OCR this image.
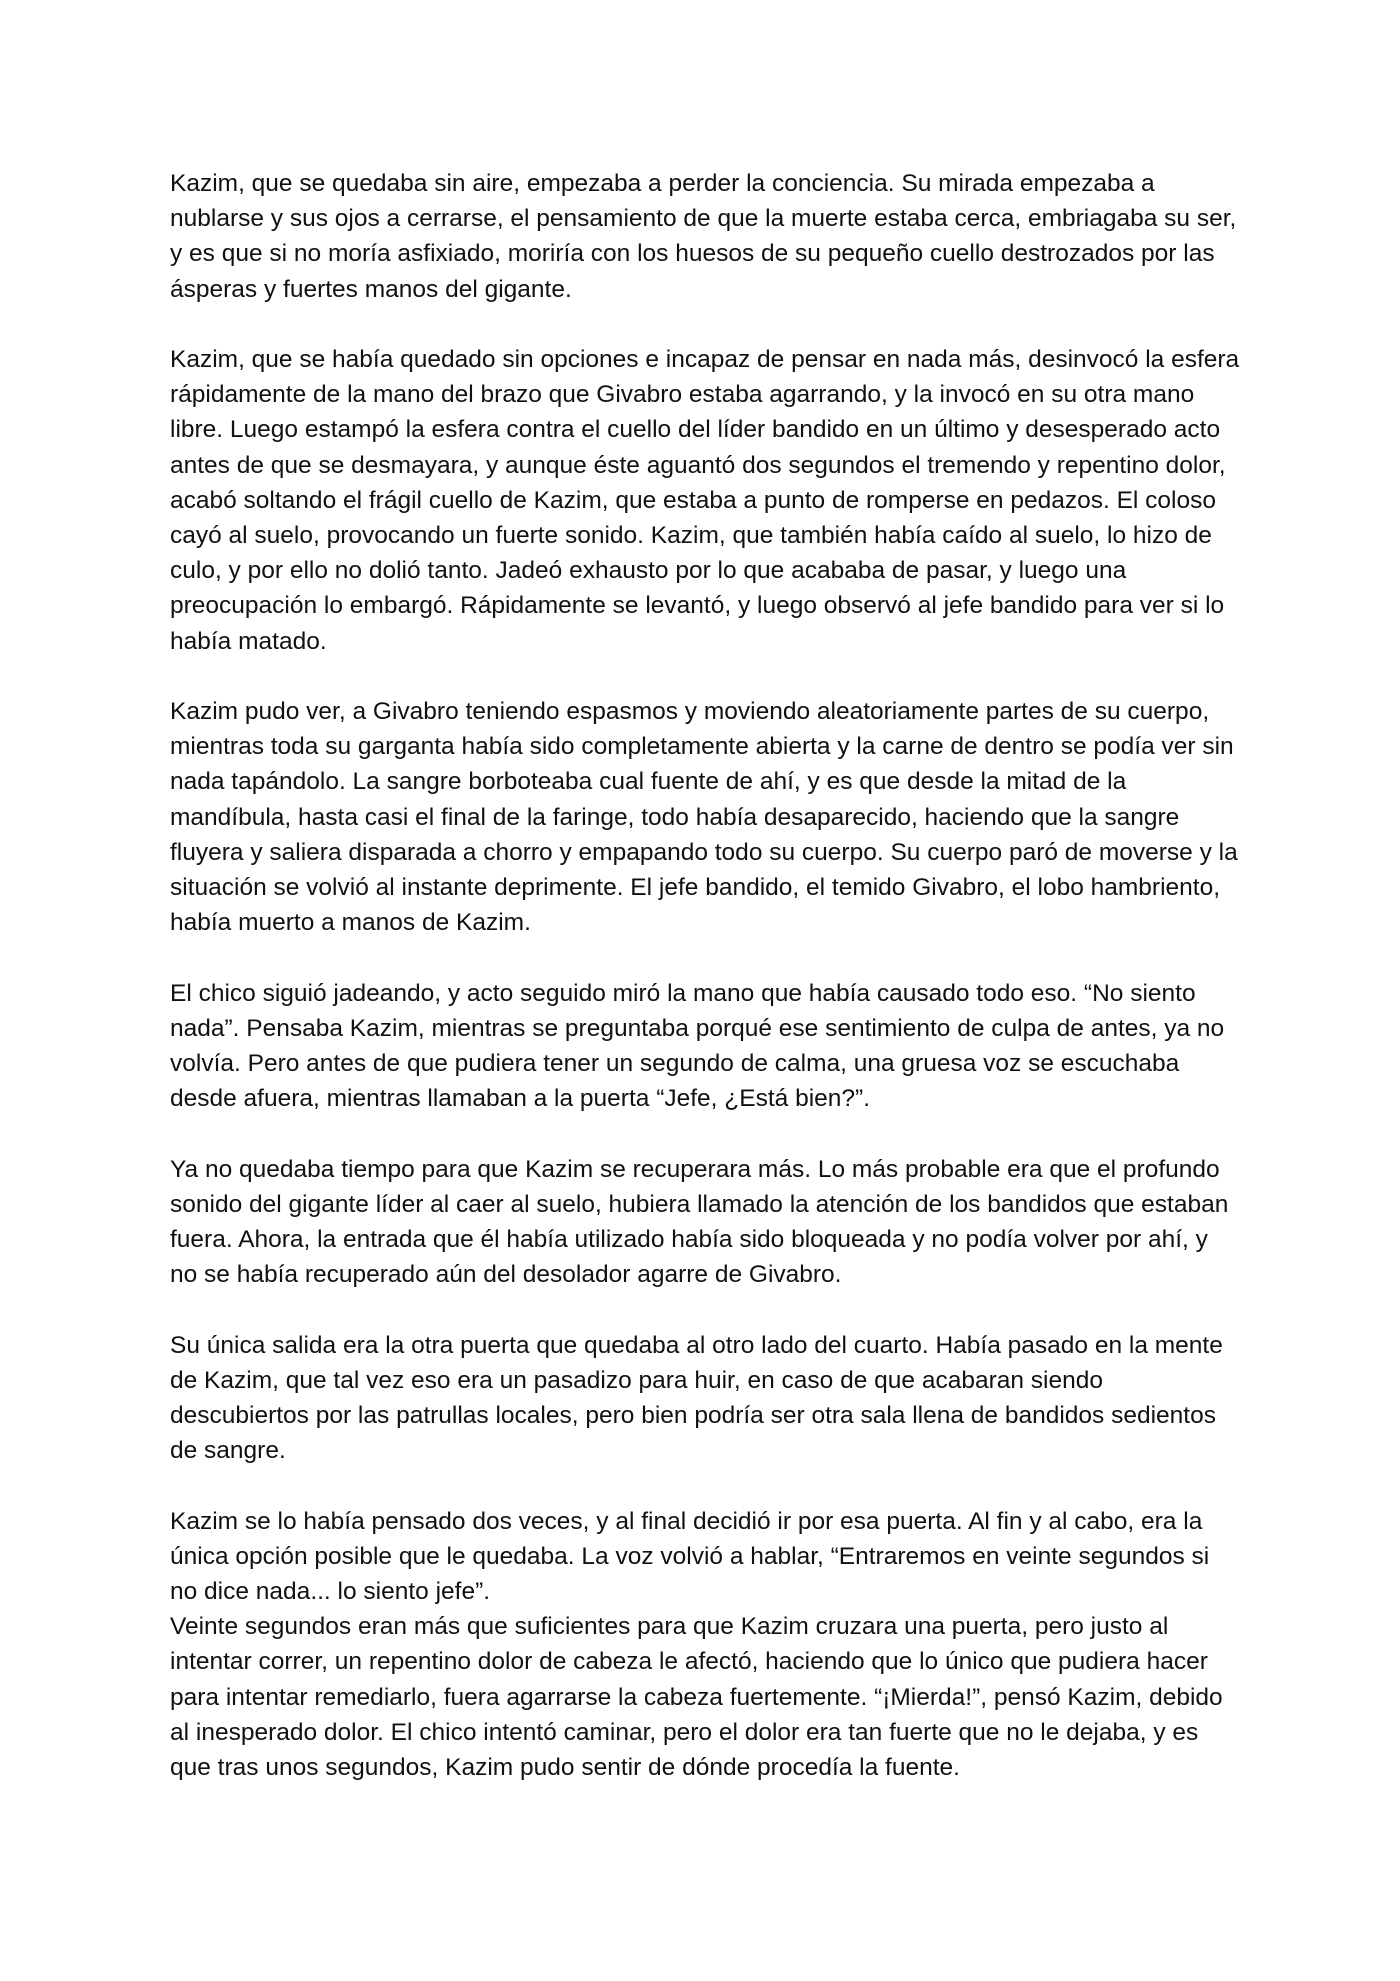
Kazim, que se quedaba sin aire, empezaba a perder la conciencia. Su mirada empezaba a nublarse y sus ojos a cerrarse, el pensamiento de que la muerte estaba cerca, embriagaba su ser, y es que si no moría asfixiado, moriría con los huesos de su pequeño cuello destrozados por las ásperas y fuertes manos del gigante.

Kazim, que se había quedado sin opciones e incapaz de pensar en nada más, desinvocó la esfera rápidamente de la mano del brazo que Givabro estaba agarrando, y la invocó en su otra mano libre. Luego estampó la esfera contra el cuello del líder bandido en un último y desesperado acto antes de que se desmayara, y aunque éste aguantó dos segundos el tremendo y repentino dolor, acabó soltando el frágil cuello de Kazim, que estaba a punto de romperse en pedazos. El coloso cayó al suelo, provocando un fuerte sonido. Kazim, que también había caído al suelo, lo hizo de culo, y por ello no dolió tanto. Jadeó exhausto por lo que acababa de pasar, y luego una preocupación lo embargó. Rápidamente se levantó, y luego observó al jefe bandido para ver si lo había matado.

Kazim pudo ver, a Givabro teniendo espasmos y moviendo aleatoriamente partes de su cuerpo, mientras toda su garganta había sido completamente abierta y la carne de dentro se podía ver sin nada tapándolo. La sangre borboteaba cual fuente de ahí, y es que desde la mitad de la mandíbula, hasta casi el final de la faringe, todo había desaparecido, haciendo que la sangre fluyera y saliera disparada a chorro y empapando todo su cuerpo. Su cuerpo paró de moverse y la situación se volvió al instante deprimente. El jefe bandido, el temido Givabro, el lobo hambriento, había muerto a manos de Kazim.

El chico siguió jadeando, y acto seguido miró la mano que había causado todo eso. “No siento nada”. Pensaba Kazim, mientras se preguntaba porqué ese sentimiento de culpa de antes, ya no volvía. Pero antes de que pudiera tener un segundo de calma, una gruesa voz se escuchaba desde afuera, mientras llamaban a la puerta “Jefe, ¿Está bien?”.

Ya no quedaba tiempo para que Kazim se recuperara más. Lo más probable era que el profundo sonido del gigante líder al caer al suelo, hubiera llamado la atención de los bandidos que estaban fuera. Ahora, la entrada que él había utilizado había sido bloqueada y no podía volver por ahí, y no se había recuperado aún del desolador agarre de Givabro.

Su única salida era la otra puerta que quedaba al otro lado del cuarto. Había pasado en la mente de Kazim, que tal vez eso era un pasadizo para huir, en caso de que acabaran siendo descubiertos por las patrullas locales, pero bien podría ser otra sala llena de bandidos sedientos de sangre.

Kazim se lo había pensado dos veces, y al final decidió ir por esa puerta. Al fin y al cabo, era la única opción posible que le quedaba. La voz volvió a hablar, “Entraremos en veinte segundos si no dice nada... lo siento jefe”.

Veinte segundos eran más que suficientes para que Kazim cruzara una puerta, pero justo al intentar correr, un repentino dolor de cabeza le afectó, haciendo que lo único que pudiera hacer para intentar remediarlo, fuera agarrarse la cabeza fuertemente. “¡Mierda!”, pensó Kazim, debido al inesperado dolor. El chico intentó caminar, pero el dolor era tan fuerte que no le dejaba, y es que tras unos segundos, Kazim pudo sentir de dónde procedía la fuente.
